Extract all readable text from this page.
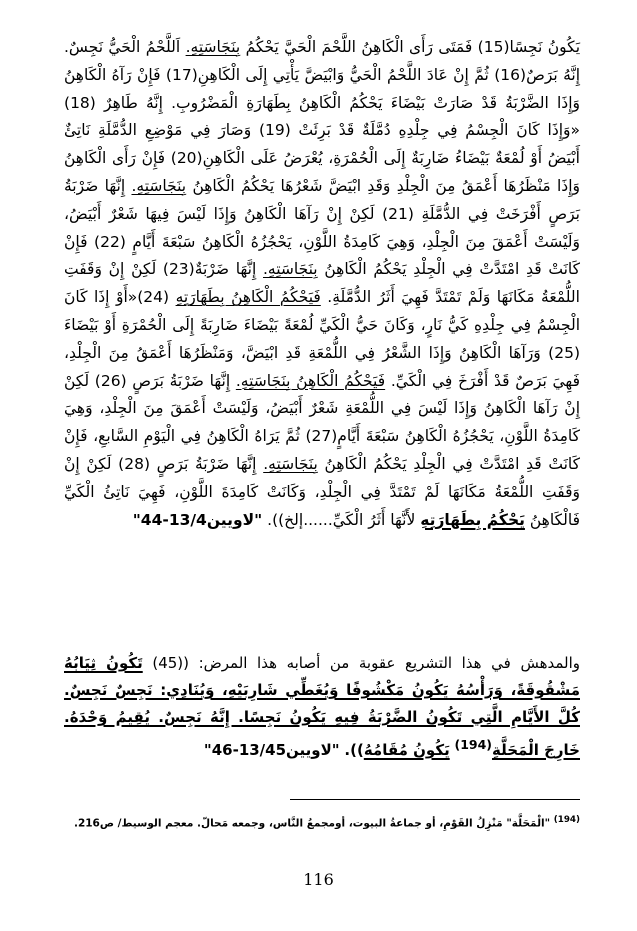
يَكُونُ نَجِسًا(15) فَمَتَى رَأَى الْكَاهِنُ اللَّحْمَ الْحَيَّ يَحْكُمُ بِنَجَاسَتِهِ. اَللَّحْمُ الْحَيُّ نَجِسٌ. إِنَّهُ بَرَصٌ(16) ثُمَّ إِنْ عَادَ اللَّحْمُ الْحَيُّ وَابْيَضَّ يَأْتِي إِلَى الْكَاهِنِ(17) فَإِنْ رَآهُ الْكَاهِنُ وَإِذَا الضَّرْبَةُ قَدْ صَارَتْ بَيْضَاءَ يَحْكُمُ الْكَاهِنُ بِطَهَارَةِ الْمَضْرُوبِ. إِنَّهُ طَاهِرٌ (18) «وَإِذَا كَانَ الْجِسْمُ فِي جِلْدِهِ دُمَّلَةٌ قَدْ بَرِئَتْ (19) وَصَارَ فِي مَوْضِعِ الدُّمَّلَةِ نَاتِئٌ أَبْيَضُ أَوْ لُمْعَةٌ بَيْضَاءُ ضَارِبَةٌ إِلَى الْحُمْرَةِ، يُعْرَضُ عَلَى الْكَاهِنِ(20) فَإِنْ رَأَى الْكَاهِنُ وَإِذَا مَنْظَرُهَا أَعْمَقُ مِنَ الْجِلْدِ وَقَدِ ابْيَضَّ شَعْرُهَا يَحْكُمُ الْكَاهِنُ بِنَجَاسَتِهِ. إِنَّهَا ضَرْبَةُ بَرَصٍ أَفْرَخَتْ فِي الدُّمَّلَةِ (21) لَكِنْ إِنْ رَآهَا الْكَاهِنُ وَإِذَا لَيْسَ فِيهَا شَعْرٌ أَبْيَضُ، وَلَيْسَتْ أَعْمَقَ مِنَ الْجِلْدِ، وَهِيَ كَامِدَةُ اللَّوْنِ، يَحْجُزُهُ الْكَاهِنُ سَبْعَةَ أَيَّامٍ (22) فَإِنْ كَانَتْ قَدِ امْتَدَّتْ فِي الْجِلْدِ يَحْكُمُ الْكَاهِنُ بِنَجَاسَتِهِ. إِنَّهَا ضَرْبَةٌ(23) لَكِنْ إِنْ وَقَفَتِ اللُّمْعَةُ مَكَانَهَا وَلَمْ تَمْتَدَّ فَهِيَ أَثَرُ الدُّمَّلَةِ. فَيَحْكُمُ الْكَاهِنُ بِطَهَارَتِهِ (24)«أَوْ إِذَا كَانَ الْجِسْمُ فِي جِلْدِهِ كَيُّ نَارٍ، وَكَانَ حَيُّ الْكَيِّ لُمْعَةً بَيْضَاءَ ضَارِبَةً إِلَى الْحُمْرَةِ أَوْ بَيْضَاءَ (25) وَرَآهَا الْكَاهِنُ وَإِذَا الشَّعْرُ فِي اللُّمْعَةِ قَدِ ابْيَضَّ، وَمَنْظَرُهَا أَعْمَقُ مِنَ الْجِلْدِ، فَهِيَ بَرَصٌ قَدْ أَفْرَخَ فِي الْكَيِّ. فَيَحْكُمُ الْكَاهِنُ بِنَجَاسَتِهِ. إِنَّهَا ضَرْبَةُ بَرَصٍ (26) لَكِنْ إِنْ رَآهَا الْكَاهِنُ وَإِذَا لَيْسَ فِي اللُّمْعَةِ شَعْرٌ أَبْيَضُ، وَلَيْسَتْ أَعْمَقَ مِنَ الْجِلْدِ، وَهِيَ كَامِدَةُ اللَّوْنِ، يَحْجُزُهُ الْكَاهِنُ سَبْعَةَ أَيَّامٍ(27) ثُمَّ يَرَاهُ الْكَاهِنُ فِي الْيَوْمِ السَّابعِ، فَإِنْ كَانَتْ قَدِ امْتَدَّتْ فِي الْجِلْدِ يَحْكُمُ الْكَاهِنُ بِنَجَاسَتِهِ. إِنَّهَا ضَرْبَةُ بَرَصٍ (28) لَكِنْ إِنْ وَقَفَتِ اللُّمْعَةُ مَكَانَهَا لَمْ تَمْتَدَّ فِي الْجِلْدِ، وَكَانَتْ كَامِدَةَ اللَّوْنِ، فَهِيَ نَاتِئُ الْكَيِّ فَالْكَاهِنُ يَحْكُمُ بِطَهَارَتِهِ لأَنَّهَا أَثَرُ الْكَيِّ......إلخ)). "لاويين13/4-44"

والمدهش في هذا التشريع عقوبة من أصابه هذا المرض: ((45) تَكُونُ ثِيَابُهُ مَشْقُوقَةً، وَرَأْسُهُ يَكُونُ مَكْشُوفًا وَيُغَطِّي شَارِبَيْهِ، وَيُنَادِي: نَجِسٌ نَجِسٌ. كُلَّ الأَيَّامِ الَّتِي تَكُونُ الضَّرْبَةُ فِيهِ يَكُونُ نَجِسًا. إِنَّهُ نَجِسٌ. يُقِيمُ وَحْدَهُ. خَارِجَ الْمَحَلَّةِ$^{(194)}$ يَكُونُ مُقَامُهُ)). "لاويين13/45-46"

$^{(194)}$ "الْمَحَلَّة" مَنْزِلُ القَوْمِ، أو جماعةُ البيوت، أومجمعُ النَّاس، وجمعه مَحالّ. معجم الوسيط/ ص216.
116
